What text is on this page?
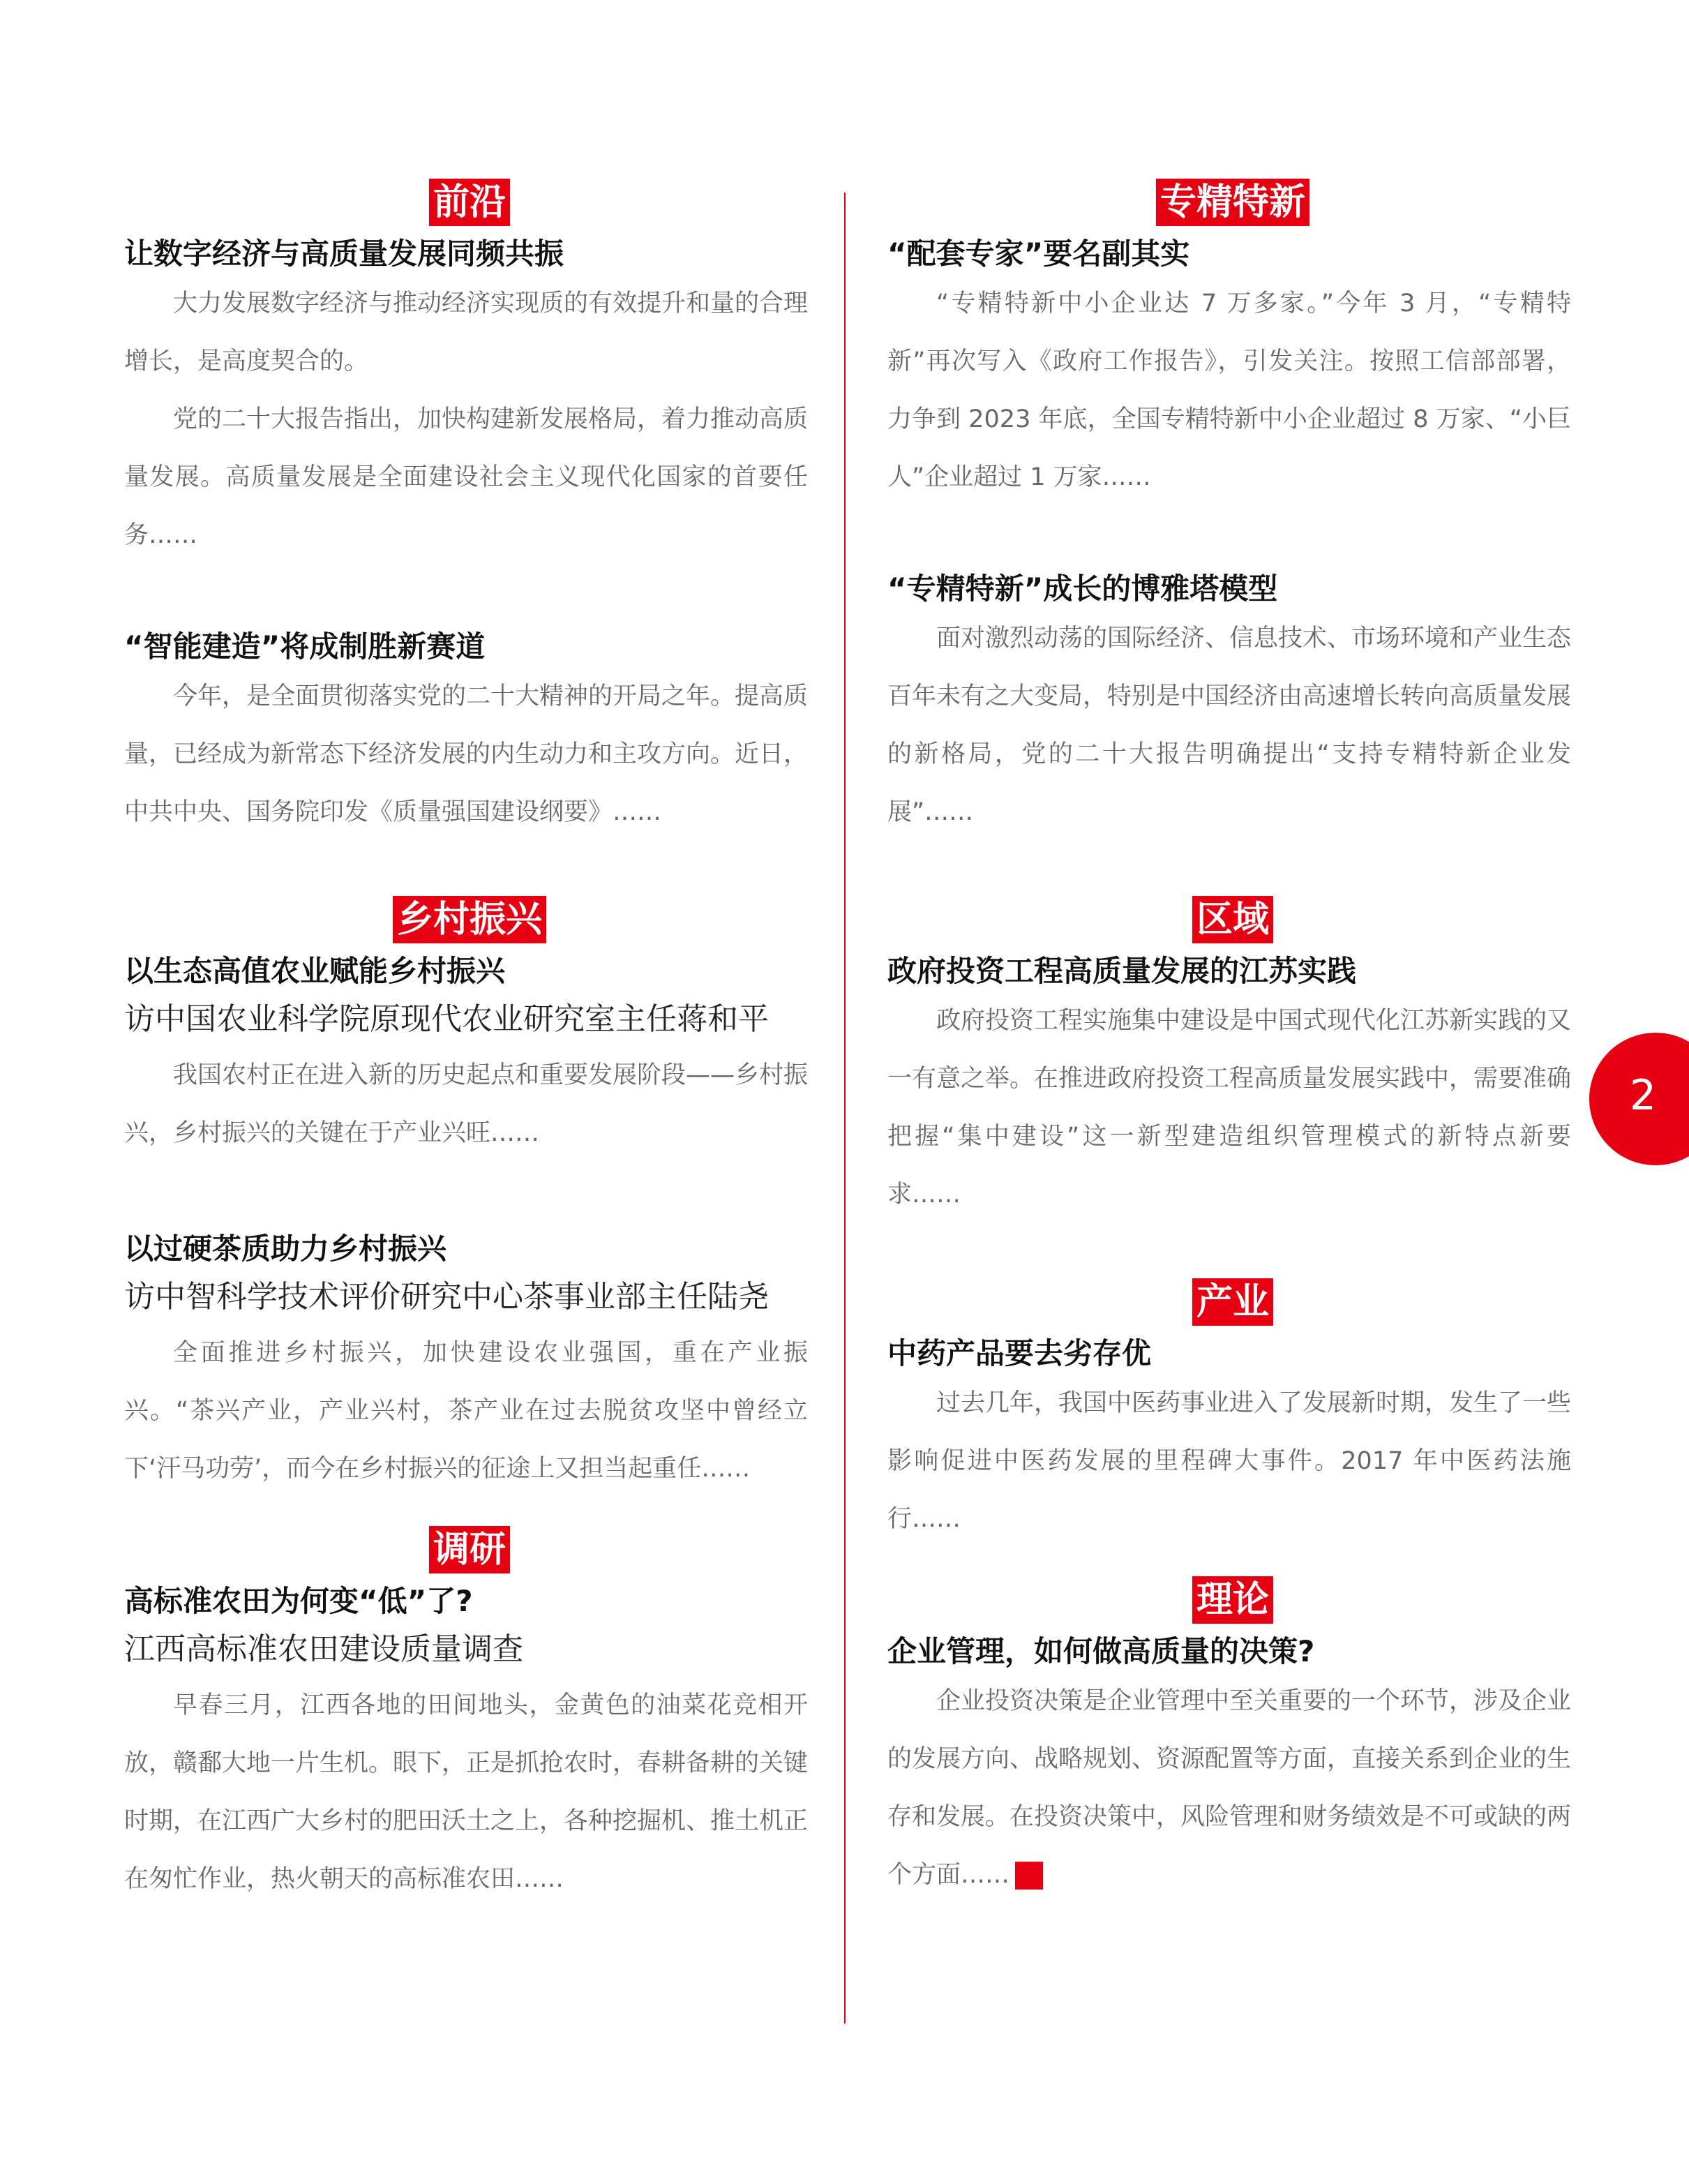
前沿
让数字经济与高质量发展同频共振

大力发展数字经济与推动经济实现质的有效提升和量的合理增长，是高度契合的。

党的二十大报告指出，加快构建新发展格局，着力推动高质量发展。高质量发展是全面建设社会主义现代化国家的首要任务……

“智能建造”将成制胜新赛道

今年，是全面贯彻落实党的二十大精神的开局之年。提高质量，已经成为新常态下经济发展的内生动力和主攻方向。近日，中共中央、国务院印发《质量强国建设纲要》……

乡村振兴
以生态高值农业赋能乡村振兴
访中国农业科学院原现代农业研究室主任蒋和平

我国农村正在进入新的历史起点和重要发展阶段——乡村振兴，乡村振兴的关键在于产业兴旺……

以过硬茶质助力乡村振兴
访中智科学技术评价研究中心茶事业部主任陆尧

全面推进乡村振兴，加快建设农业强国，重在产业振兴。“茶兴产业，产业兴村，茶产业在过去脱贫攻坚中曾经立下‘汗马功劳’，而今在乡村振兴的征途上又担当起重任……

调研
高标准农田为何变“低”了?
江西高标准农田建设质量调查

早春三月，江西各地的田间地头，金黄色的油菜花竞相开放，赣鄱大地一片生机。眼下，正是抓抢农时，春耕备耕的关键时期，在江西广大乡村的肥田沃土之上，各种挖掘机、推土机正在匆忙作业，热火朝天的高标准农田……

专精特新
“配套专家”要名副其实

“专精特新中小企业达 7 万多家。”今年 3 月，“专精特新”再次写入《政府工作报告》，引发关注。按照工信部部署，力争到 2023 年底，全国专精特新中小企业超过 8 万家、“小巨人”企业超过 1 万家……

“专精特新”成长的博雅塔模型

面对激烈动荡的国际经济、信息技术、市场环境和产业生态百年未有之大变局，特别是中国经济由高速增长转向高质量发展的新格局，党的二十大报告明确提出“支持专精特新企业发展”……

区域
政府投资工程高质量发展的江苏实践

政府投资工程实施集中建设是中国式现代化江苏新实践的又一有意之举。在推进政府投资工程高质量发展实践中，需要准确把握“集中建设”这一新型建造组织管理模式的新特点新要求……

产业
中药产品要去劣存优

过去几年，我国中医药事业进入了发展新时期，发生了一些影响促进中医药发展的里程碑大事件。2017 年中医药法施行……

理论
企业管理，如何做高质量的决策?

企业投资决策是企业管理中至关重要的一个环节，涉及企业的发展方向、战略规划、资源配置等方面，直接关系到企业的生存和发展。在投资决策中，风险管理和财务绩效是不可或缺的两个方面……	E

2
